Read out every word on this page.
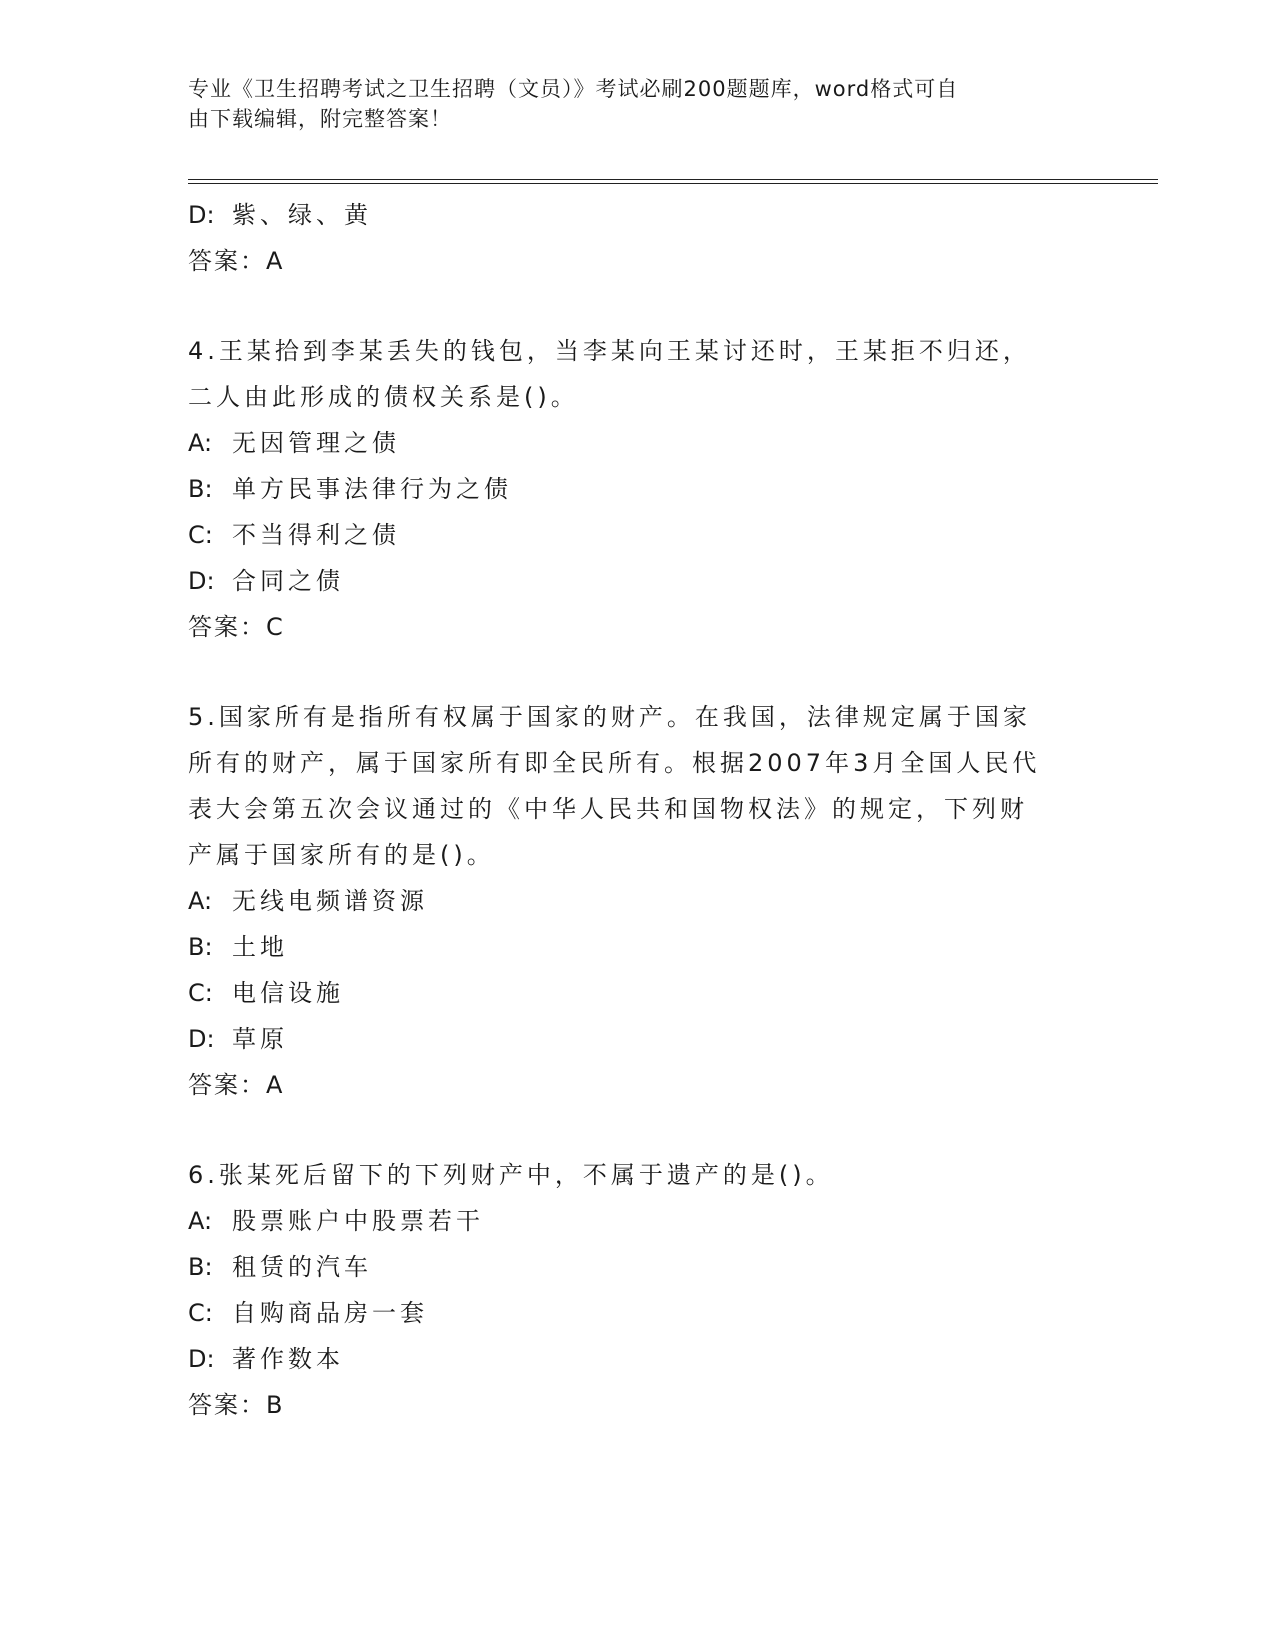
专业《卫生招聘考试之卫生招聘（文员）》考试必刷200题题库，word格式可自
由下载编辑，附完整答案！
D: 紫、绿、黄
答案：A
4.王某拾到李某丢失的钱包，当李某向王某讨还时，王某拒不归还，
二人由此形成的债权关系是()。
A: 无因管理之债
B: 单方民事法律行为之债
C: 不当得利之债
D: 合同之债
答案：C
5.国家所有是指所有权属于国家的财产。在我国，法律规定属于国家
所有的财产，属于国家所有即全民所有。根据2007年3月全国人民代
表大会第五次会议通过的《中华人民共和国物权法》的规定，下列财
产属于国家所有的是()。
A: 无线电频谱资源
B: 土地
C: 电信设施
D: 草原
答案：A
6.张某死后留下的下列财产中，不属于遗产的是()。
A: 股票账户中股票若干
B: 租赁的汽车
C: 自购商品房一套
D: 著作数本
答案：B
